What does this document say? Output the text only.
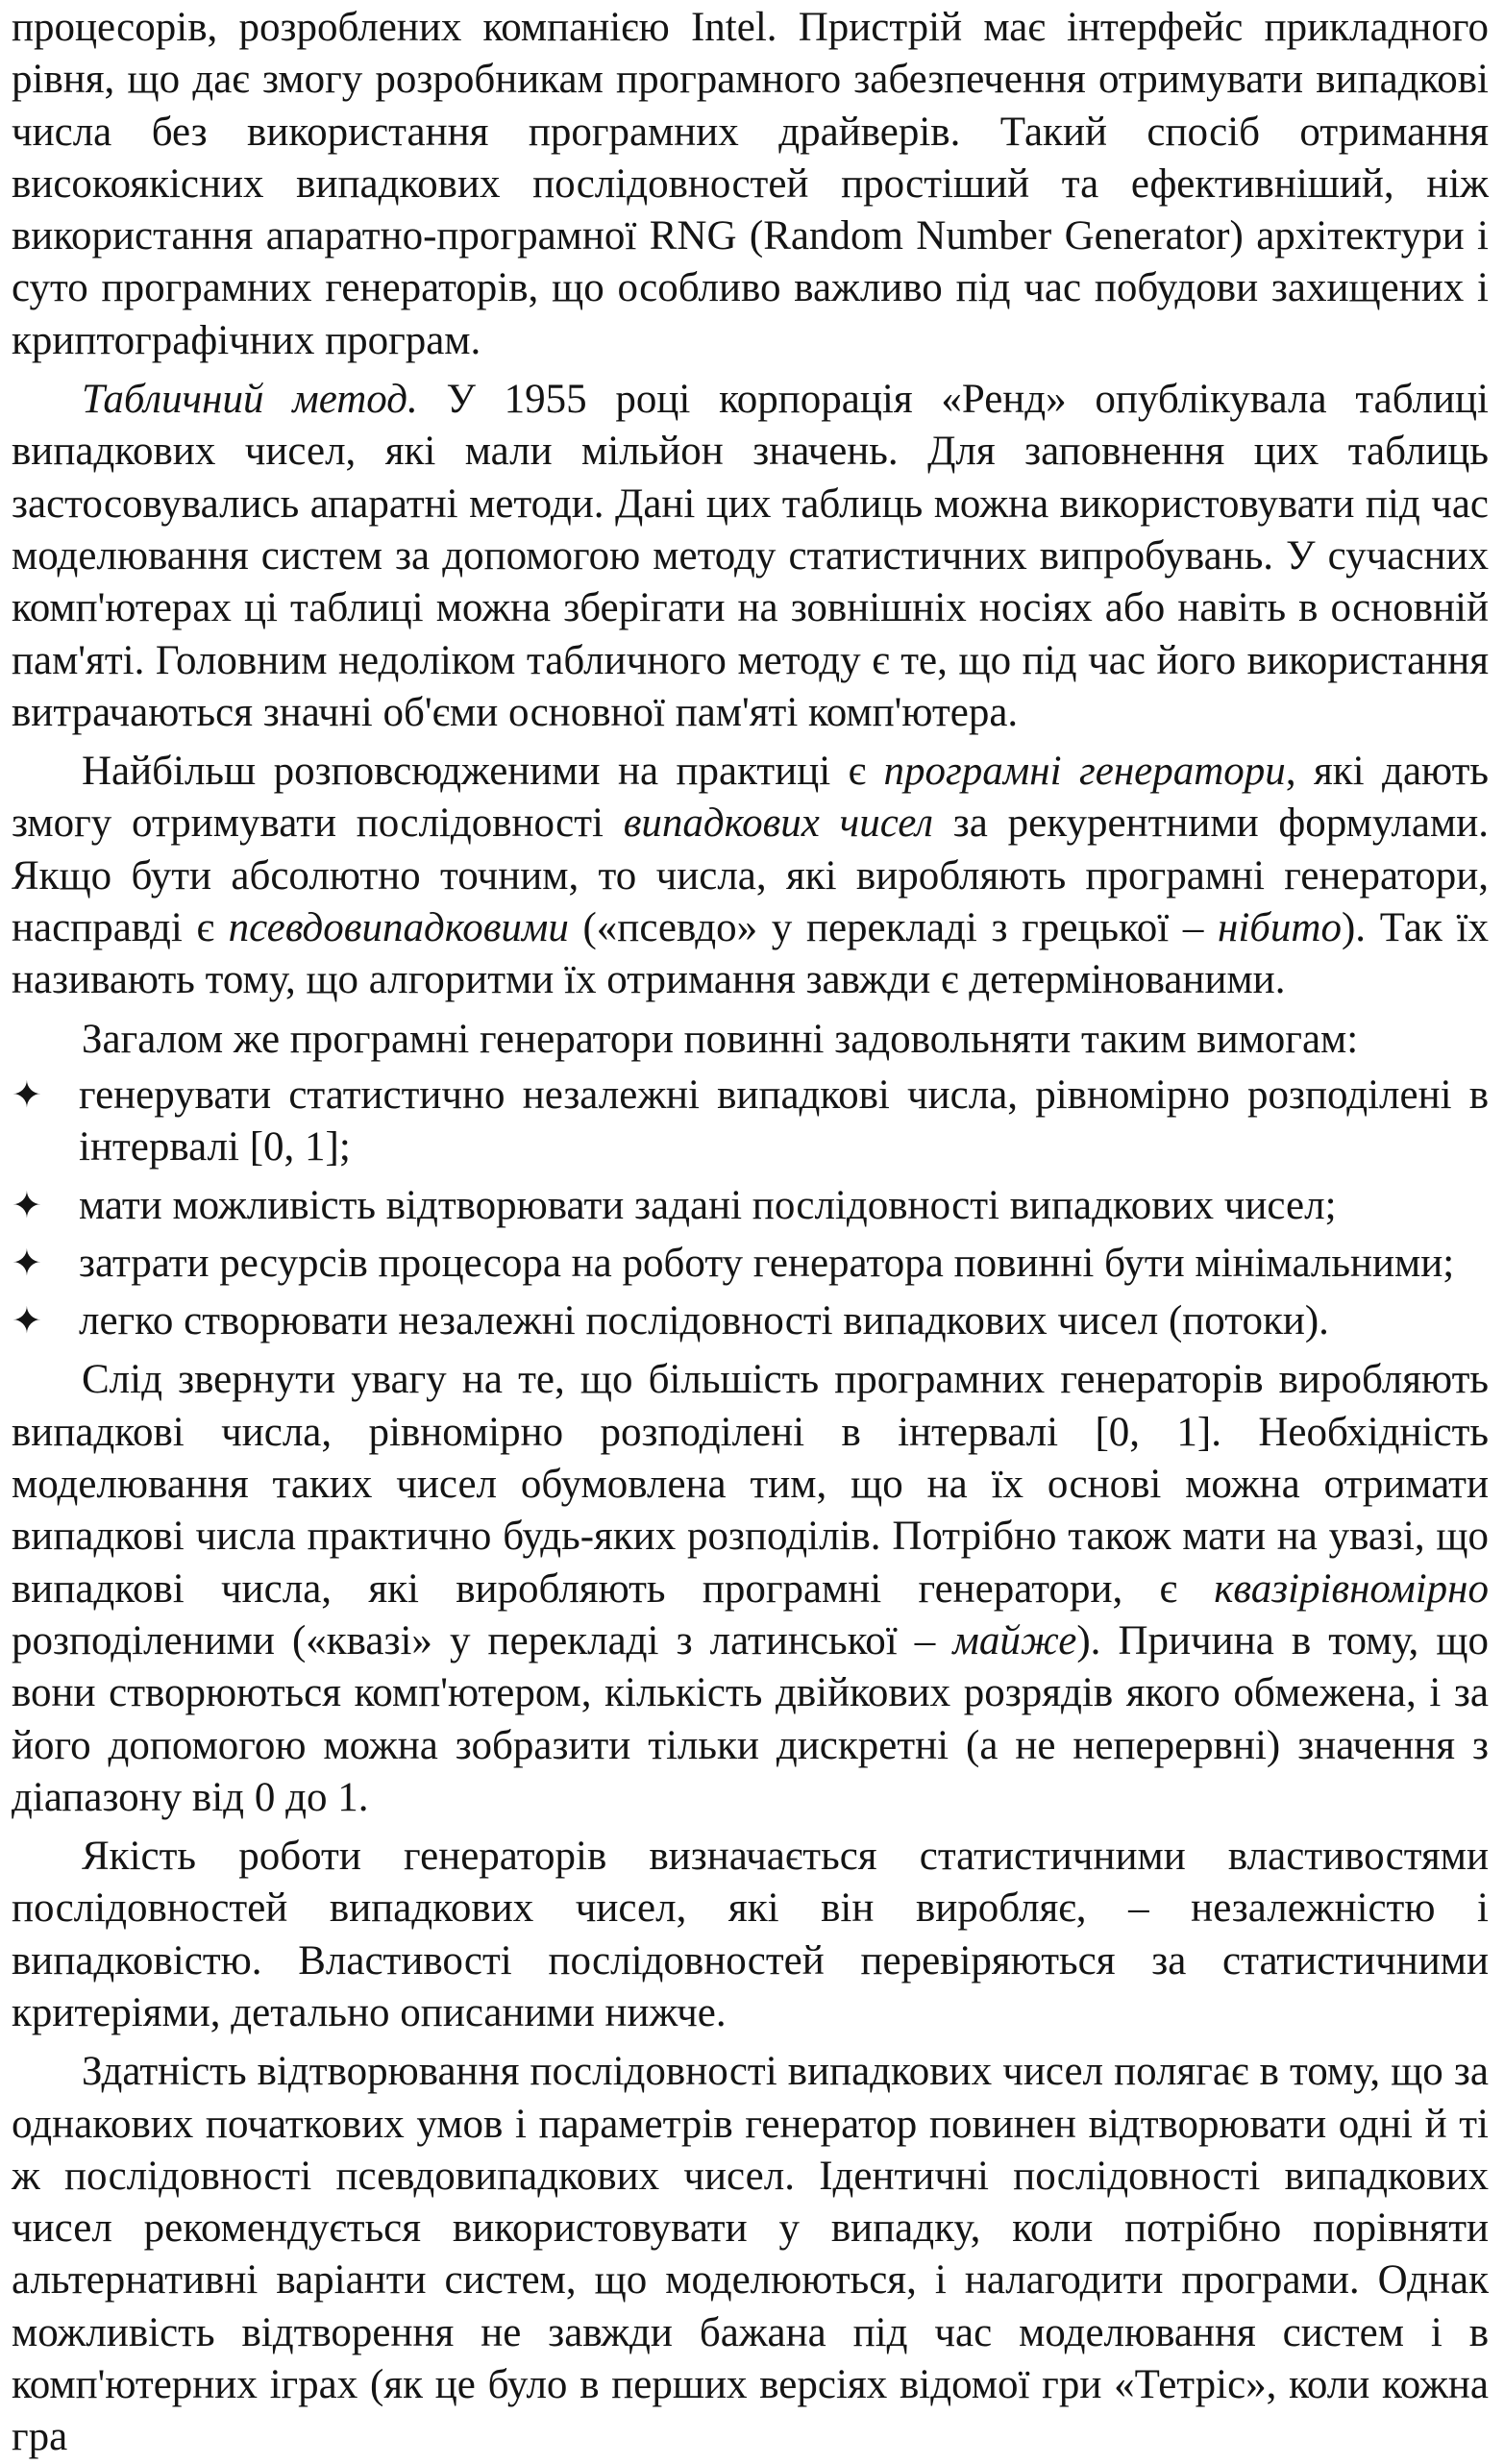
процесорів, розроблених компанією Intel. Пристрій має інтерфейс прикладного рівня, що дає змогу розробникам програмного забезпечення отримувати випадкові числа без використання програмних драйверів. Такий спосіб отримання високоякісних випадкових послідовностей простіший та ефективніший, ніж використання апаратно-програмної RNG (Random Number Generator) архітектури і суто програмних генераторів, що особливо важливо під час побудови захищених і криптографічних програм.

Табличний метод. У 1955 році корпорація «Ренд» опублікувала таблиці випадкових чисел, які мали мільйон значень. Для заповнення цих таблиць застосовувались апаратні методи. Дані цих таблиць можна використовувати під час моделювання систем за допомогою методу статистичних випробувань. У сучасних комп'ютерах ці таблиці можна зберігати на зовнішніх носіях або навіть в основній пам'яті. Головним недоліком табличного методу є те, що під час його використання витрачаються значні об'єми основної пам'яті комп'ютера.

Найбільш розповсюдженими на практиці є програмні генератори, які дають змогу отримувати послідовності випадкових чисел за рекурентними формулами. Якщо бути абсолютно точним, то числа, які виробляють програмні генератори, насправді є псевдовипадковими («псевдо» у перекладі з грецької – нібито). Так їх називають тому, що алгоритми їх отримання завжди є детермінованими.

Загалом же програмні генератори повинні задовольняти таким вимогам:

✦ генерувати статистично незалежні випадкові числа, рівномірно розподілені в інтервалі [0, 1];
✦ мати можливість відтворювати задані послідовності випадкових чисел;
✦ затрати ресурсів процесора на роботу генератора повинні бути мінімальними;
✦ легко створювати незалежні послідовності випадкових чисел (потоки).

Слід звернути увагу на те, що більшість програмних генераторів виробляють випадкові числа, рівномірно розподілені в інтервалі [0, 1]. Необхідність моделювання таких чисел обумовлена тим, що на їх основі можна отримати випадкові числа практично будь-яких розподілів. Потрібно також мати на увазі, що випадкові числа, які виробляють програмні генератори, є квазірівномірно розподіленими («квазі» у перекладі з латинської – майже). Причина в тому, що вони створюються комп'ютером, кількість двійкових розрядів якого обмежена, і за його допомогою можна зобразити тільки дискретні (а не неперервні) значення з діапазону від 0 до 1.

Якість роботи генераторів визначається статистичними властивостями послідовностей випадкових чисел, які він виробляє, – незалежністю і випадковістю. Властивості послідовностей перевіряються за статистичними критеріями, детально описаними нижче.

Здатність відтворювання послідовності випадкових чисел полягає в тому, що за однакових початкових умов і параметрів генератор повинен відтворювати одні й ті ж послідовності псевдовипадкових чисел. Ідентичні послідовності випадкових чисел рекомендується використовувати у випадку, коли потрібно порівняти альтернативні варіанти систем, що моделюються, і налагодити програми. Однак можливість відтворення не завжди бажана під час моделювання систем і в комп'ютерних іграх (як це було в перших версіях відомої гри «Тетріс», коли кожна гра
